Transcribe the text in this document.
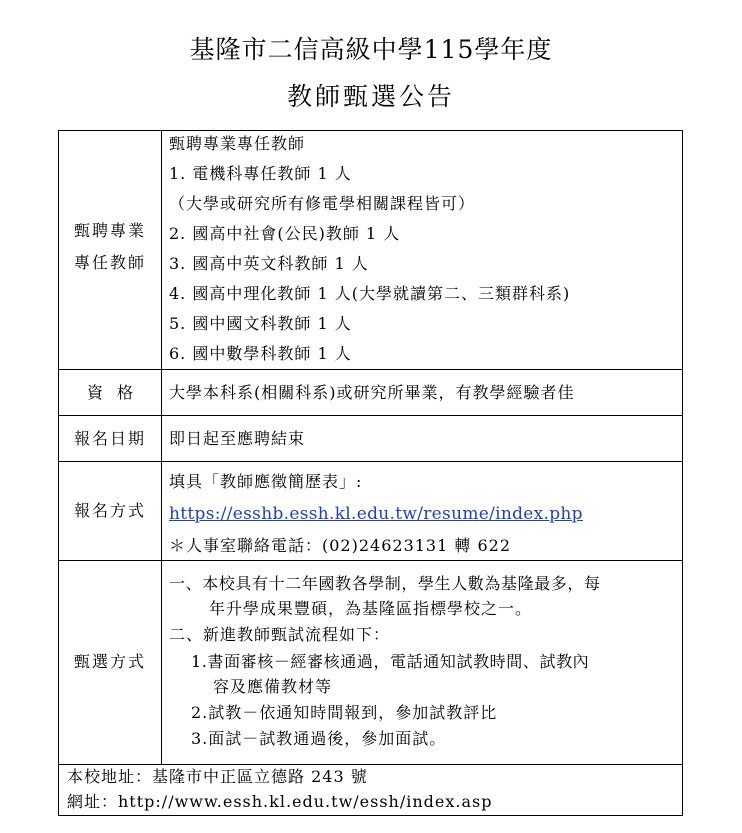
基隆市二信高級中學115學年度
教師甄選公告
甄聘專業
專任教師
甄聘專業專任教師
1. 電機科專任教師 1 人
（大學或研究所有修電學相關課程皆可）
2. 國高中社會(公民)教師 1 人
3. 國高中英文科教師 1 人
4. 國高中理化教師 1 人(大學就讀第二、三類群科系)
5. 國中國文科教師 1 人
6. 國中數學科教師 1 人
資格	大學本科系(相關科系)或研究所畢業，有教學經驗者佳
報名日期	即日起至應聘結束
報名方式
填具「教師應徵簡歷表」:
https://esshb.essh.kl.edu.tw/resume/index.php
＊人事室聯絡電話：(02)24623131 轉 622
甄選方式
一、本校具有十二年國教各學制，學生人數為基隆最多，每
年升學成果豐碩，為基隆區指標學校之一。
二、新進教師甄試流程如下：
1.書面審核－經審核通過，電話通知試教時間、試教內
容及應備教材等
2.試教－依通知時間報到，參加試教評比
3.面試－試教通過後，參加面試。
本校地址：基隆市中正區立德路 243 號
網址：http://www.essh.kl.edu.tw/essh/index.asp
